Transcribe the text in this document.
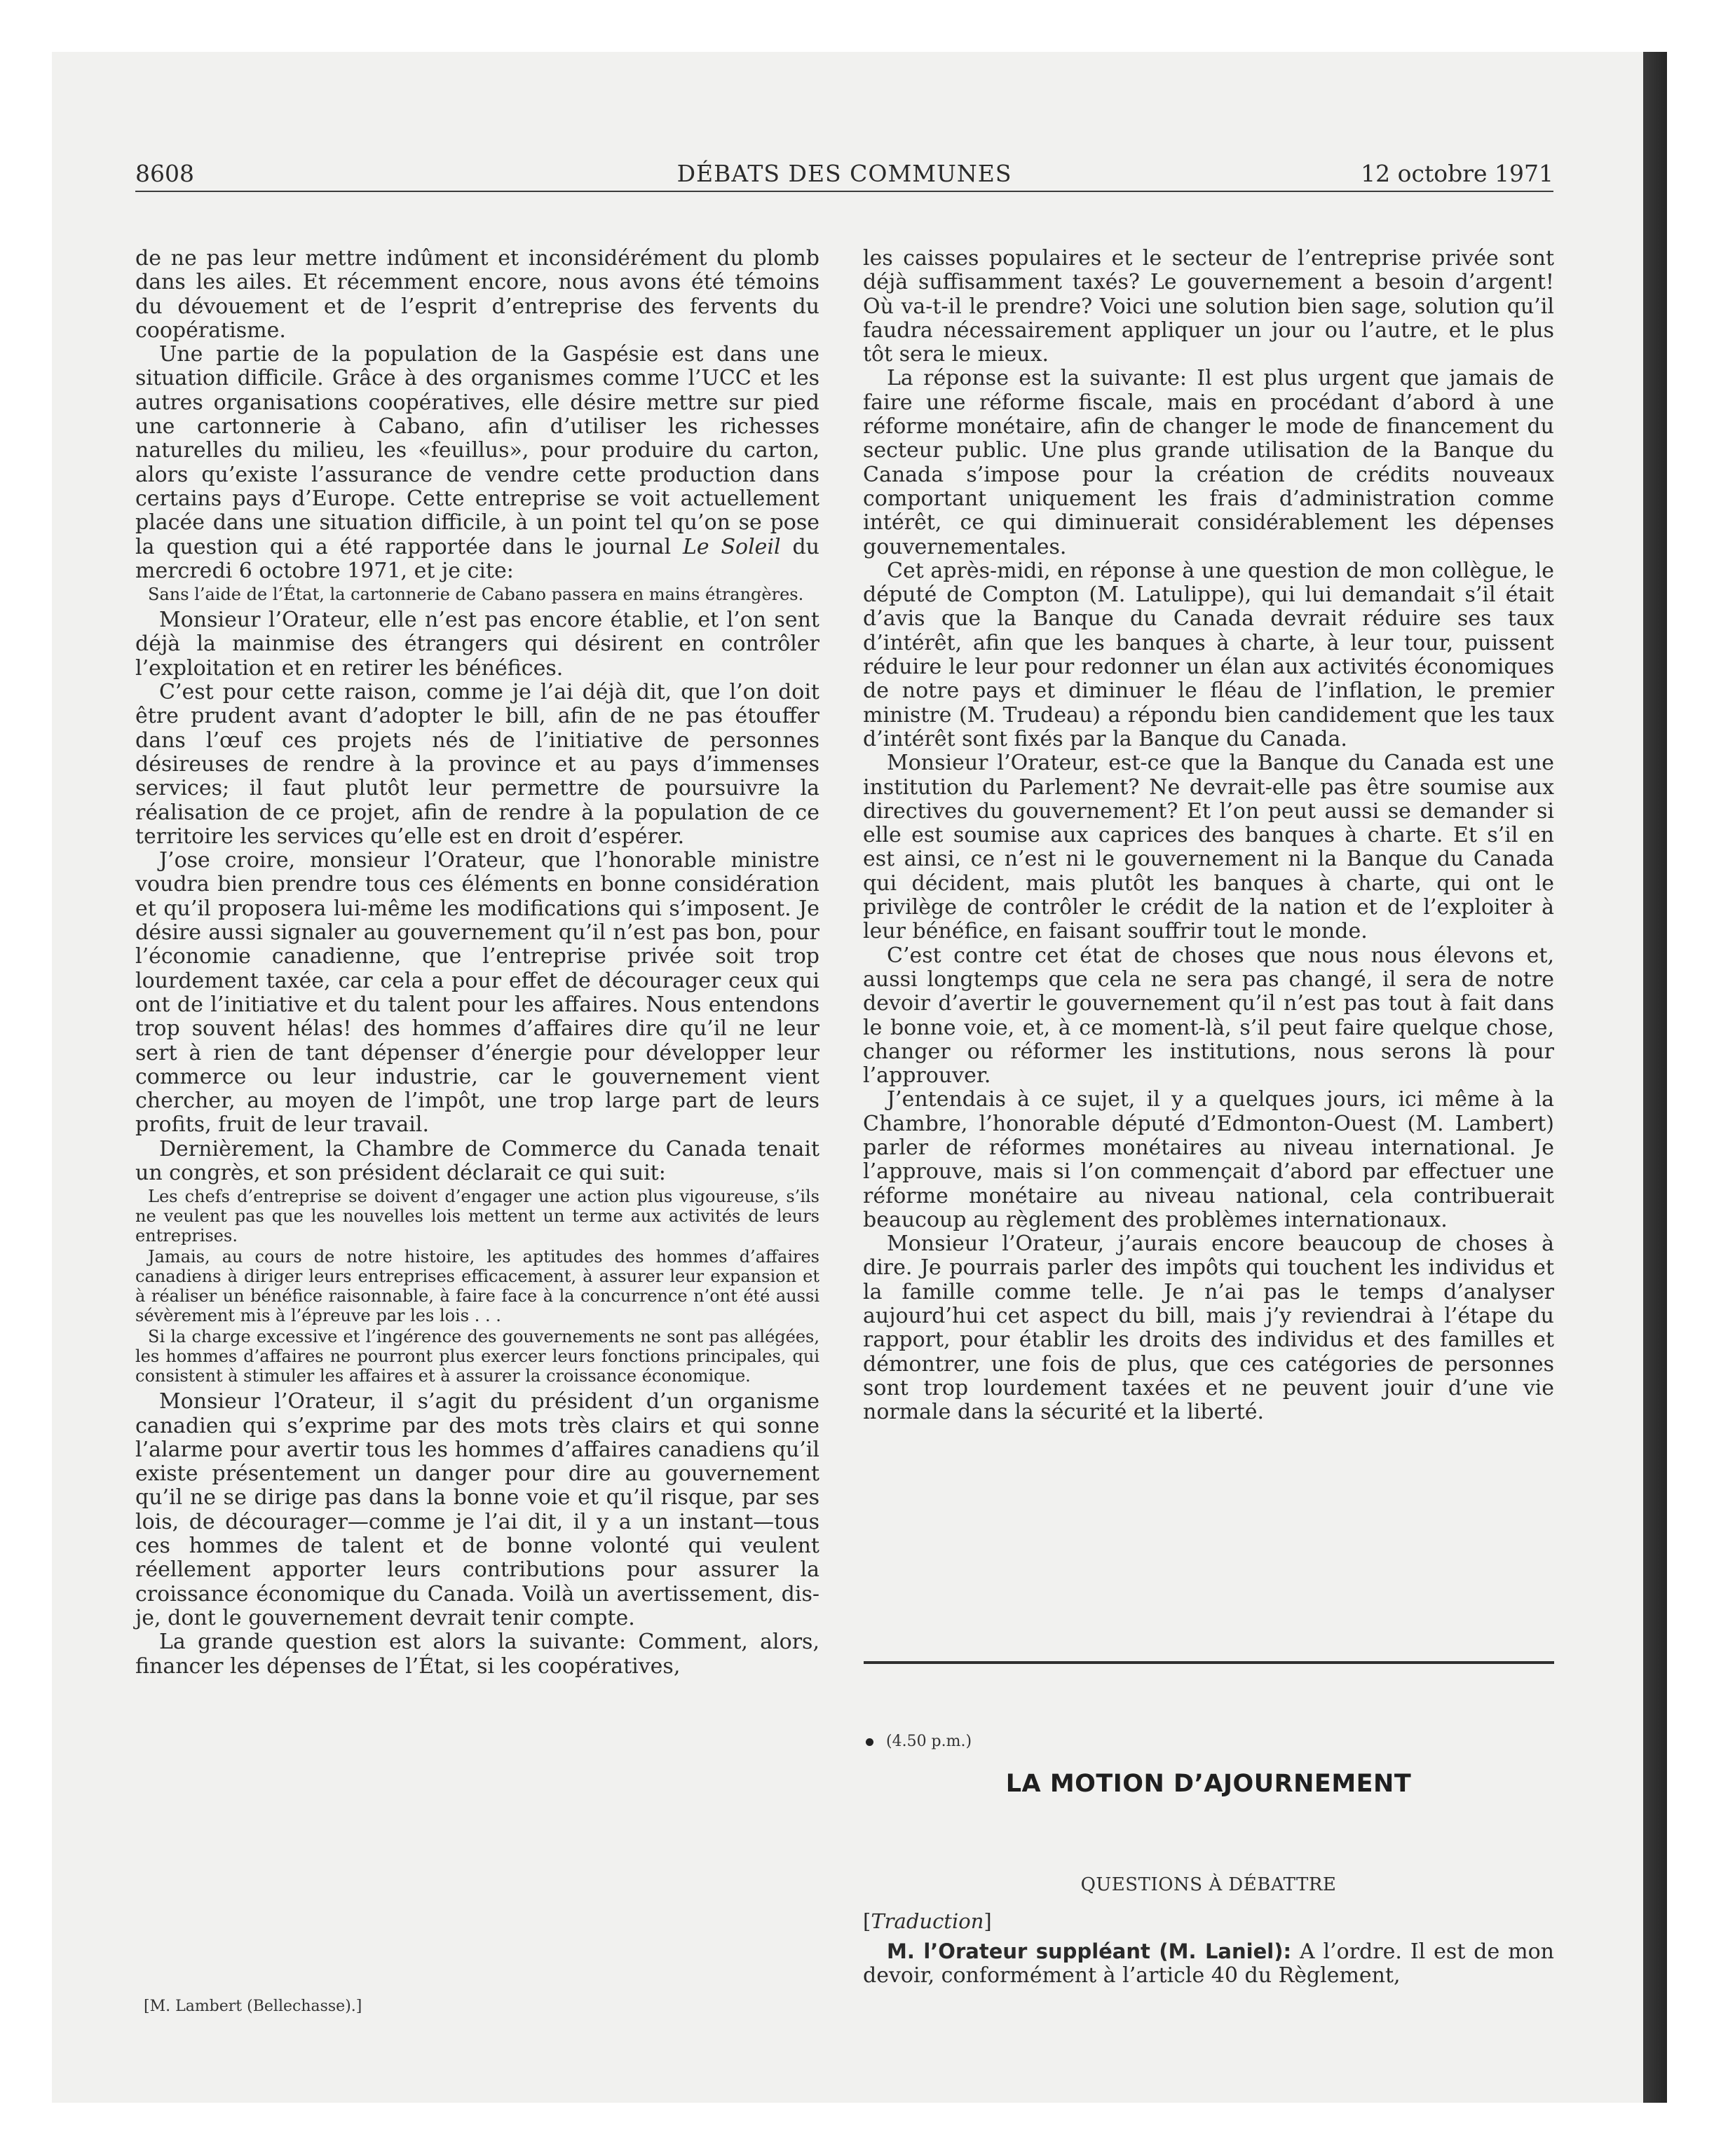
8608	DÉBATS DES COMMUNES	12 octobre 1971

de ne pas leur mettre indûment et inconsidérément du plomb dans les ailes. Et récemment encore, nous avons été témoins du dévouement et de l’esprit d’entreprise des fervents du coopératisme.

Une partie de la population de la Gaspésie est dans une situation difficile. Grâce à des organismes comme l’UCC et les autres organisations coopératives, elle désire mettre sur pied une cartonnerie à Cabano, afin d’utiliser les richesses naturelles du milieu, les «feuillus», pour produire du carton, alors qu’existe l’assurance de vendre cette production dans certains pays d’Europe. Cette entreprise se voit actuellement placée dans une situation difficile, à un point tel qu’on se pose la question qui a été rapportée dans le journal Le Soleil du mercredi 6 octobre 1971, et je cite:

Sans l’aide de l’État, la cartonnerie de Cabano passera en mains étrangères.

Monsieur l’Orateur, elle n’est pas encore établie, et l’on sent déjà la mainmise des étrangers qui désirent en contrôler l’exploitation et en retirer les bénéfices.

C’est pour cette raison, comme je l’ai déjà dit, que l’on doit être prudent avant d’adopter le bill, afin de ne pas étouffer dans l’œuf ces projets nés de l’initiative de personnes désireuses de rendre à la province et au pays d’immenses services; il faut plutôt leur permettre de poursuivre la réalisation de ce projet, afin de rendre à la population de ce territoire les services qu’elle est en droit d’espérer.

J’ose croire, monsieur l’Orateur, que l’honorable ministre voudra bien prendre tous ces éléments en bonne considération et qu’il proposera lui-même les modifications qui s’imposent. Je désire aussi signaler au gouvernement qu’il n’est pas bon, pour l’économie canadienne, que l’entreprise privée soit trop lourdement taxée, car cela a pour effet de décourager ceux qui ont de l’initiative et du talent pour les affaires. Nous entendons trop souvent hélas! des hommes d’affaires dire qu’il ne leur sert à rien de tant dépenser d’énergie pour développer leur commerce ou leur industrie, car le gouvernement vient chercher, au moyen de l’impôt, une trop large part de leurs profits, fruit de leur travail.

Dernièrement, la Chambre de Commerce du Canada tenait un congrès, et son président déclarait ce qui suit:

Les chefs d’entreprise se doivent d’engager une action plus vigoureuse, s’ils ne veulent pas que les nouvelles lois mettent un terme aux activités de leurs entreprises.

Jamais, au cours de notre histoire, les aptitudes des hommes d’affaires canadiens à diriger leurs entreprises efficacement, à assurer leur expansion et à réaliser un bénéfice raisonnable, à faire face à la concurrence n’ont été aussi sévèrement mis à l’épreuve par les lois . . .

Si la charge excessive et l’ingérence des gouvernements ne sont pas allégées, les hommes d’affaires ne pourront plus exercer leurs fonctions principales, qui consistent à stimuler les affaires et à assurer la croissance économique.

Monsieur l’Orateur, il s’agit du président d’un organisme canadien qui s’exprime par des mots très clairs et qui sonne l’alarme pour avertir tous les hommes d’affaires canadiens qu’il existe présentement un danger pour dire au gouvernement qu’il ne se dirige pas dans la bonne voie et qu’il risque, par ses lois, de décourager—comme je l’ai dit, il y a un instant—tous ces hommes de talent et de bonne volonté qui veulent réellement apporter leurs contributions pour assurer la croissance économique du Canada. Voilà un avertissement, dis-je, dont le gouvernement devrait tenir compte.

La grande question est alors la suivante: Comment, alors, financer les dépenses de l’État, si les coopératives,

[M. Lambert (Bellechasse).]

les caisses populaires et le secteur de l’entreprise privée sont déjà suffisamment taxés? Le gouvernement a besoin d’argent! Où va-t-il le prendre? Voici une solution bien sage, solution qu’il faudra nécessairement appliquer un jour ou l’autre, et le plus tôt sera le mieux.

La réponse est la suivante: Il est plus urgent que jamais de faire une réforme fiscale, mais en procédant d’abord à une réforme monétaire, afin de changer le mode de financement du secteur public. Une plus grande utilisation de la Banque du Canada s’impose pour la création de crédits nouveaux comportant uniquement les frais d’administration comme intérêt, ce qui diminuerait considérablement les dépenses gouvernementales.

Cet après-midi, en réponse à une question de mon collègue, le député de Compton (M. Latulippe), qui lui demandait s’il était d’avis que la Banque du Canada devrait réduire ses taux d’intérêt, afin que les banques à charte, à leur tour, puissent réduire le leur pour redonner un élan aux activités économiques de notre pays et diminuer le fléau de l’inflation, le premier ministre (M. Trudeau) a répondu bien candidement que les taux d’intérêt sont fixés par la Banque du Canada.

Monsieur l’Orateur, est-ce que la Banque du Canada est une institution du Parlement? Ne devrait-elle pas être soumise aux directives du gouvernement? Et l’on peut aussi se demander si elle est soumise aux caprices des banques à charte. Et s’il en est ainsi, ce n’est ni le gouvernement ni la Banque du Canada qui décident, mais plutôt les banques à charte, qui ont le privilège de contrôler le crédit de la nation et de l’exploiter à leur bénéfice, en faisant souffrir tout le monde.

C’est contre cet état de choses que nous nous élevons et, aussi longtemps que cela ne sera pas changé, il sera de notre devoir d’avertir le gouvernement qu’il n’est pas tout à fait dans le bonne voie, et, à ce moment-là, s’il peut faire quelque chose, changer ou réformer les institutions, nous serons là pour l’approuver.

J’entendais à ce sujet, il y a quelques jours, ici même à la Chambre, l’honorable député d’Edmonton-Ouest (M. Lambert) parler de réformes monétaires au niveau international. Je l’approuve, mais si l’on commençait d’abord par effectuer une réforme monétaire au niveau national, cela contribuerait beaucoup au règlement des problèmes internationaux.

Monsieur l’Orateur, j’aurais encore beaucoup de choses à dire. Je pourrais parler des impôts qui touchent les individus et la famille comme telle. Je n’ai pas le temps d’analyser aujourd’hui cet aspect du bill, mais j’y reviendrai à l’étape du rapport, pour établir les droits des individus et des familles et démontrer, une fois de plus, que ces catégories de personnes sont trop lourdement taxées et ne peuvent jouir d’une vie normale dans la sécurité et la liberté.

(4.50 p.m.)
LA MOTION D’AJOURNEMENT
QUESTIONS À DÉBATTRE
[Traduction]
M. l’Orateur suppléant (M. Laniel): A l’ordre. Il est de mon devoir, conformément à l’article 40 du Règlement,
